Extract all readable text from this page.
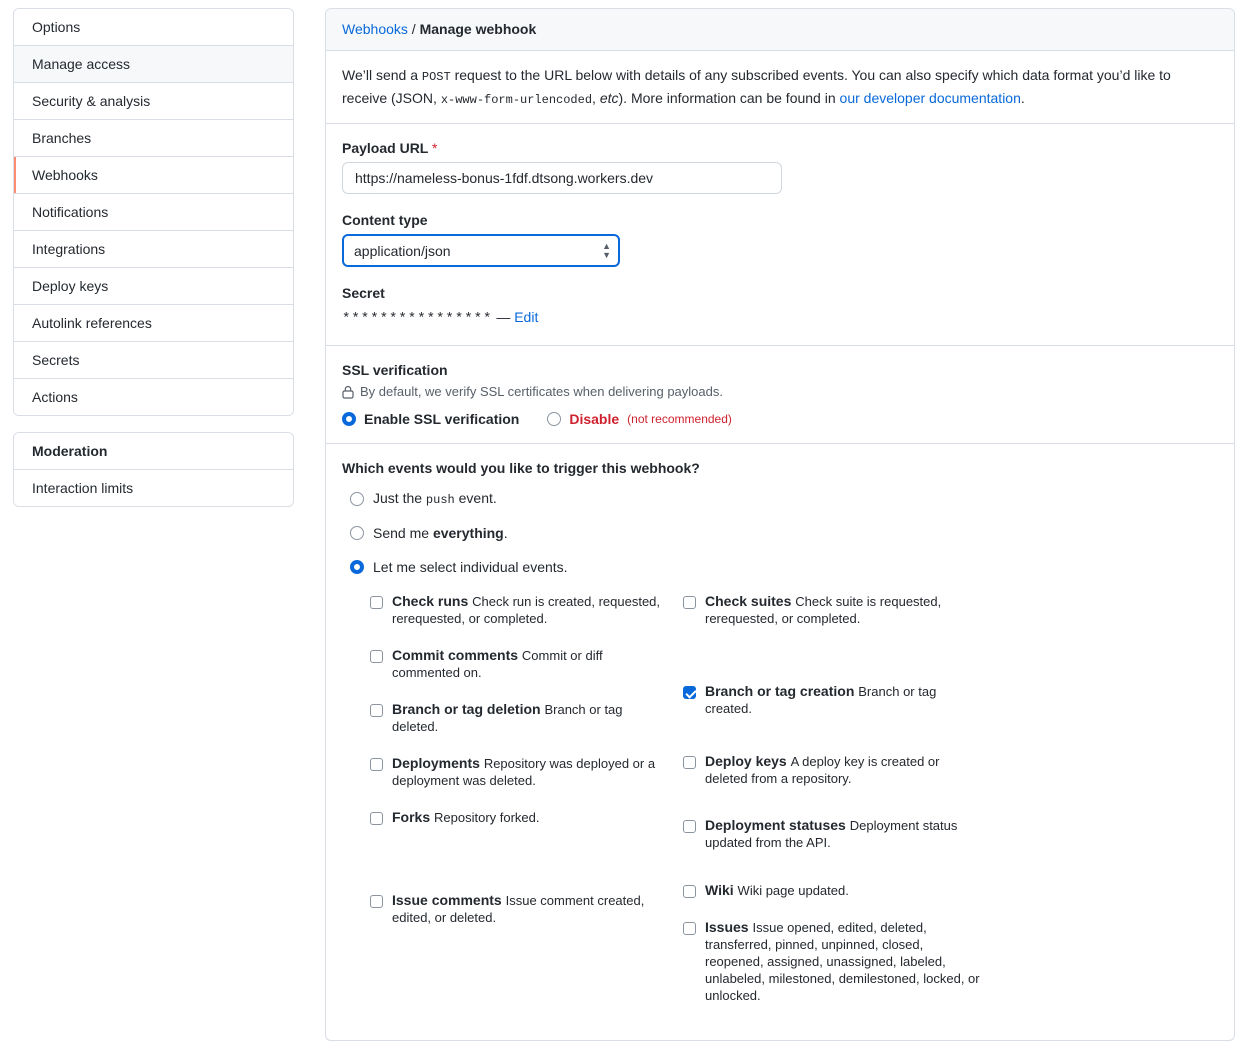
Options
Manage access
Security & analysis
Branches
Webhooks
Notifications
Integrations
Deploy keys
Autolink references
Secrets
Actions
Moderation
Interaction limits
Webhooks / Manage webhook
We’ll send a POST request to the URL below with details of any subscribed events. You can also specify which data format you’d like to receive (JSON, x-www-form-urlencoded, etc). More information can be found in our developer documentation.
Payload URL *
https://nameless-bonus-1fdf.dtsong.workers.dev
Content type
application/json
▲
▼
Secret
**************** — Edit
SSL verification
By default, we verify SSL certificates when delivering payloads.
Enable SSL verification	Disable (not recommended)
Which events would you like to trigger this webhook?
Just the push event.
Send me everything.
Let me select individual events.
Check runs Check run is created, requested, rerequested, or completed.
Commit comments Commit or diff commented on.
Branch or tag deletion Branch or tag deleted.
Deployments Repository was deployed or a deployment was deleted.
Forks Repository forked.
Issue comments Issue comment created, edited, or deleted.
Check suites Check suite is requested, rerequested, or completed.
Branch or tag creation Branch or tag created.
Deploy keys A deploy key is created or deleted from a repository.
Deployment statuses Deployment status updated from the API.
Wiki Wiki page updated.
Issues Issue opened, edited, deleted, transferred, pinned, unpinned, closed, reopened, assigned, unassigned, labeled, unlabeled, milestoned, demilestoned, locked, or unlocked.
